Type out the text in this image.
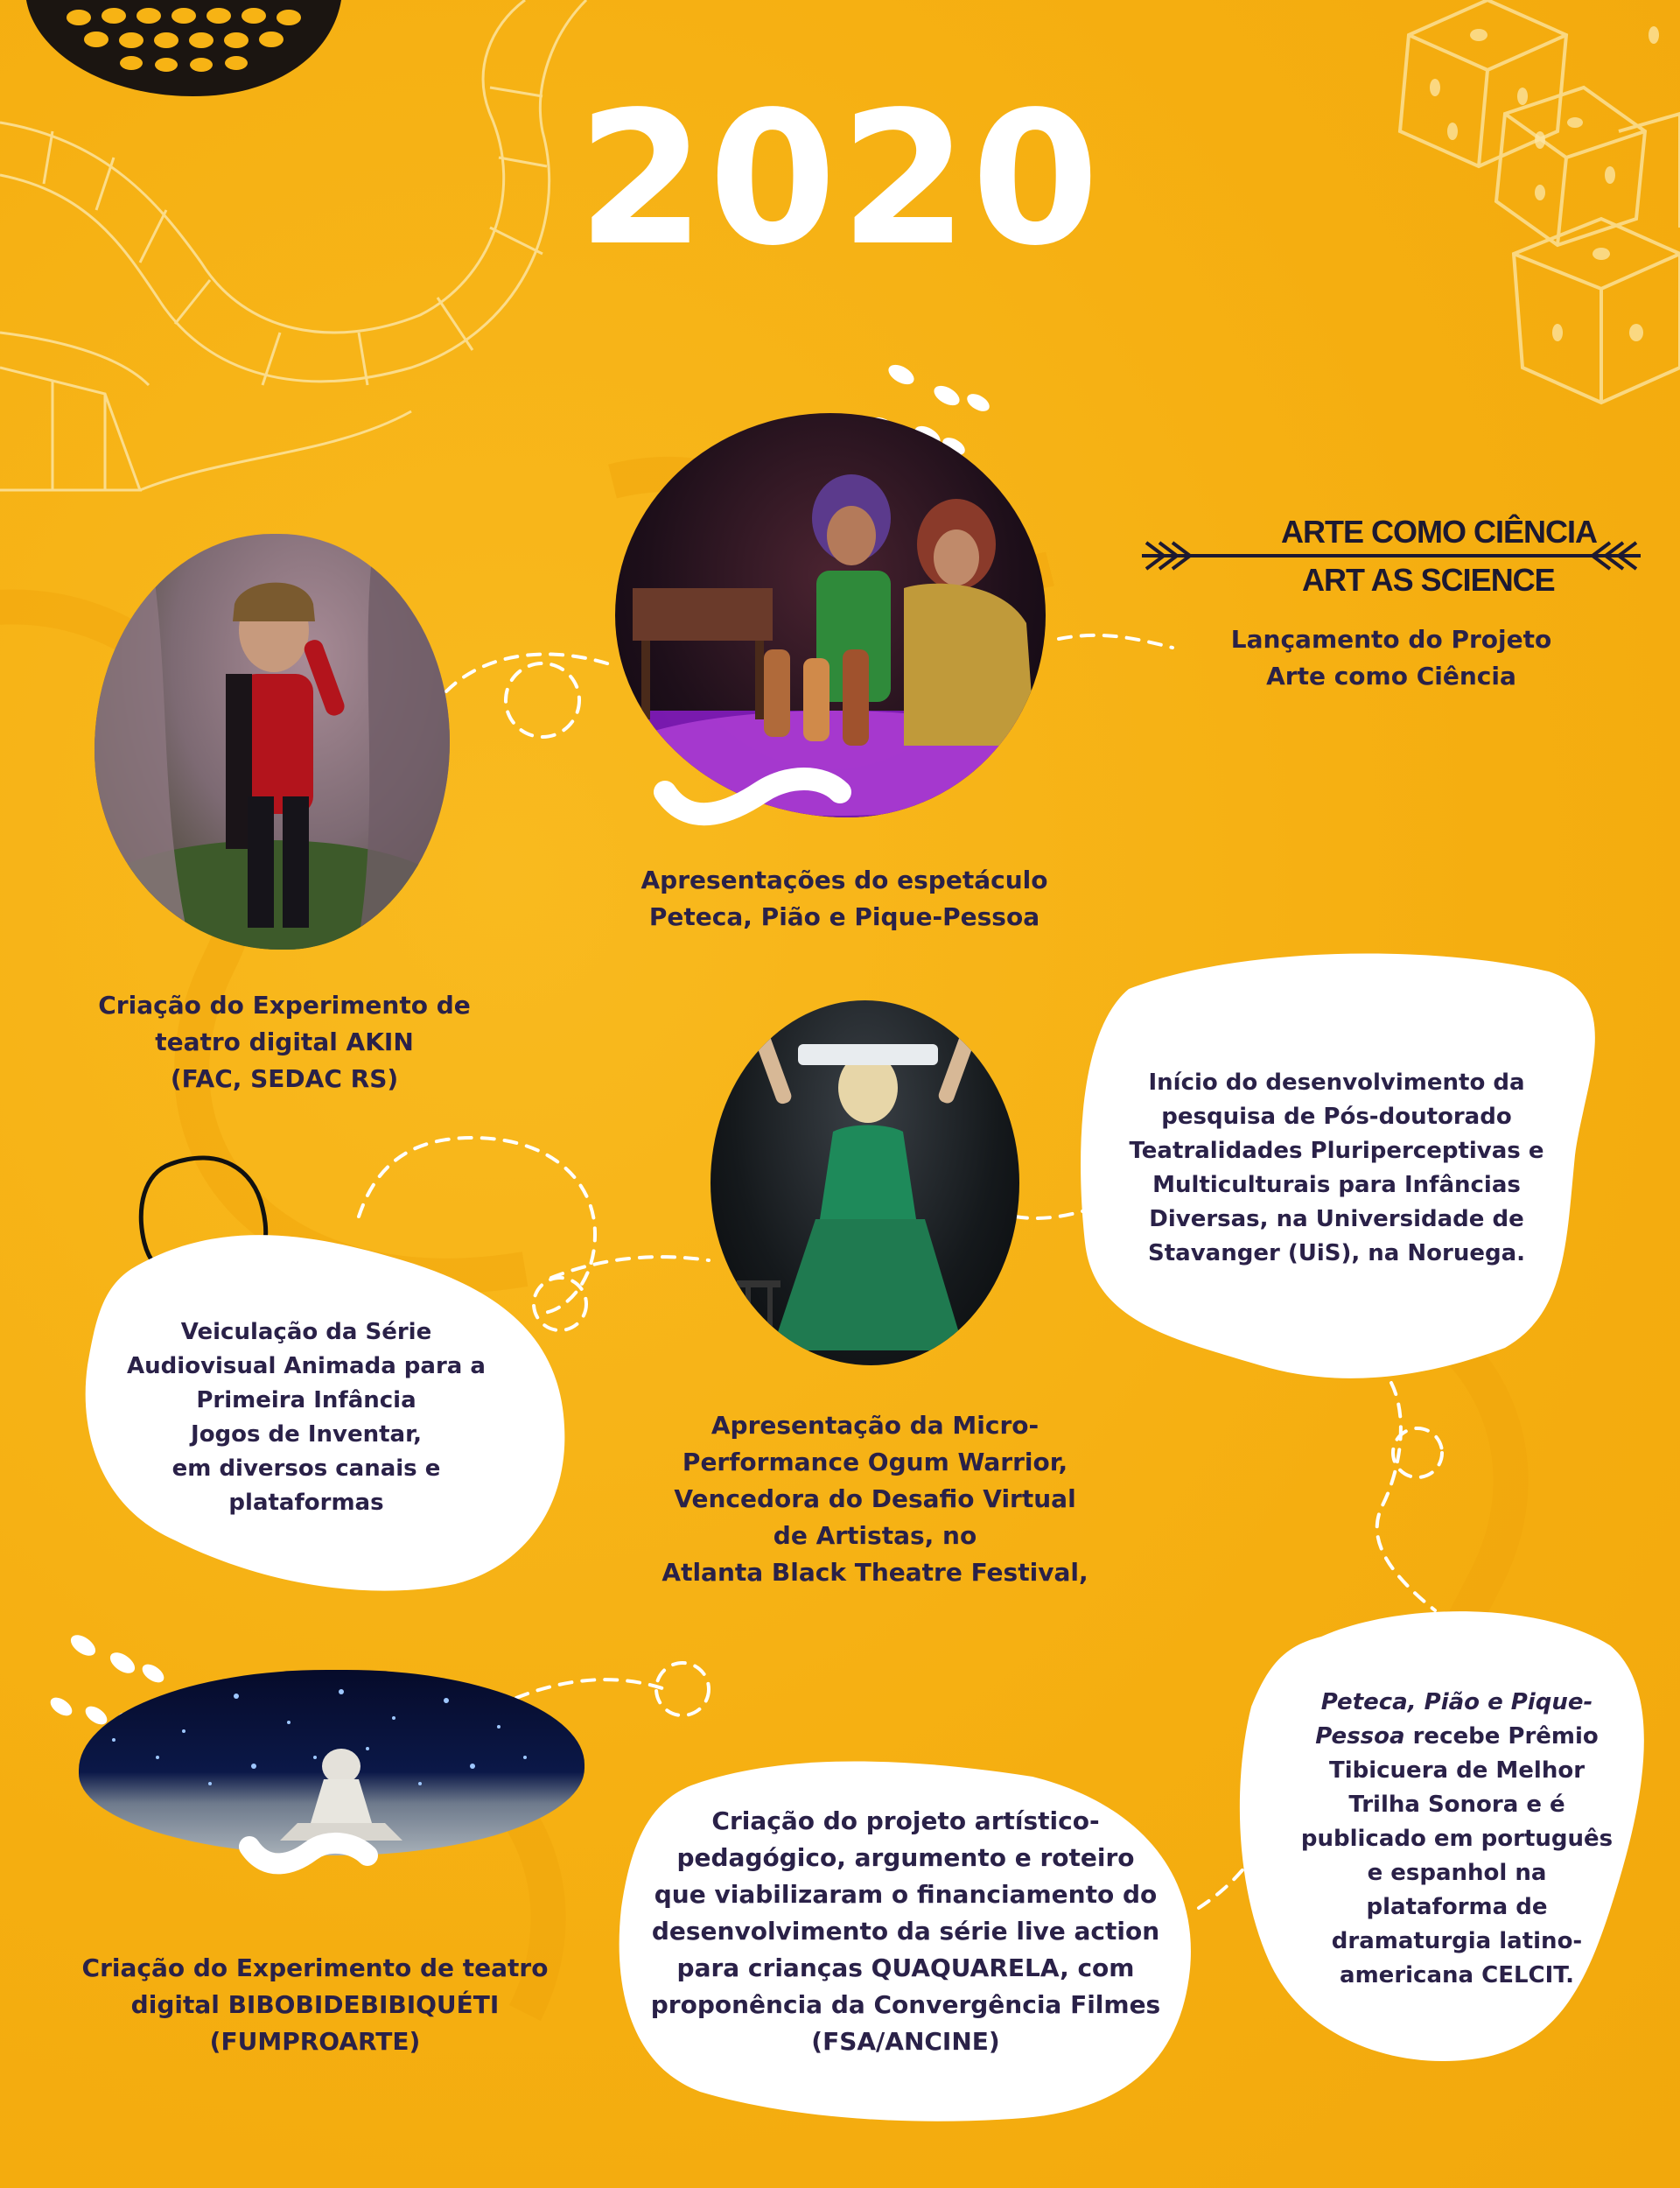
2020
ARTE COMO CIÊNCIA
ART AS SCIENCE
Lançamento do Projeto
Arte como Ciência
Apresentações do espetáculo
Peteca, Pião e Pique-Pessoa
Criação do Experimento de
teatro digital AKIN
(FAC, SEDAC RS)	Início do desenvolvimento da
pesquisa de Pós-doutorado
Teatralidades Pluriperceptivas e
Multiculturais para Infâncias
Diversas, na Universidade de
Stavanger (UiS), na Noruega.
Veiculação da Série
Audiovisual Animada para a
Primeira Infância
Jogos de Inventar,
em diversos canais e
plataformas
Apresentação da Micro-
Performance Ogum Warrior,
Vencedora do Desafio Virtual
de Artistas, no
Atlanta Black Theatre Festival,
Peteca, Pião e Pique-
Pessoa recebe Prêmio
Tibicuera de Melhor
Trilha Sonora e é
publicado em português
e espanhol na
plataforma de
dramaturgia latino-
americana CELCIT.
Criação do Experimento de teatro
digital BIBOBIDEBIBIQUÉTI
(FUMPROARTE)
Criação do projeto artístico-
pedagógico, argumento e roteiro
que viabilizaram o financiamento do
desenvolvimento da série live action
para crianças QUAQUARELA, com
proponência da Convergência Filmes
(FSA/ANCINE)
